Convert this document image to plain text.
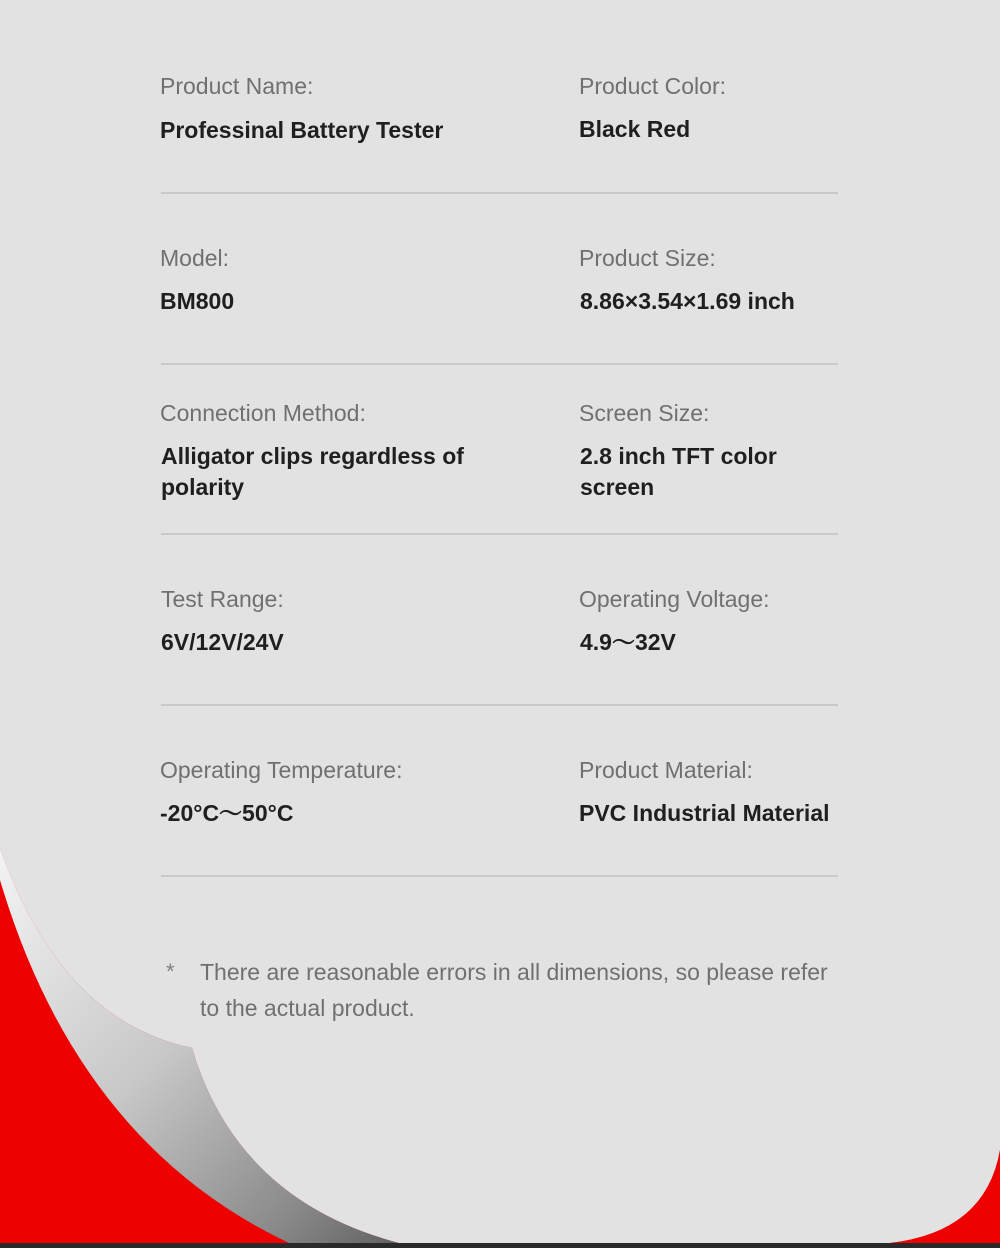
Product Name:
Professinal Battery Tester
Product Color:
Black Red
Model:
BM800
Product Size:
8.86×3.54×1.69 inch
Connection Method:
Alligator clips regardless of polarity
Screen Size:
2.8 inch TFT color screen
Test Range:
6V/12V/24V
Operating Voltage:
4.9～32V
Operating Temperature:
-20°C～50°C
Product Material:
PVC Industrial Material
* There are reasonable errors in all dimensions, so please refer to the actual product.
